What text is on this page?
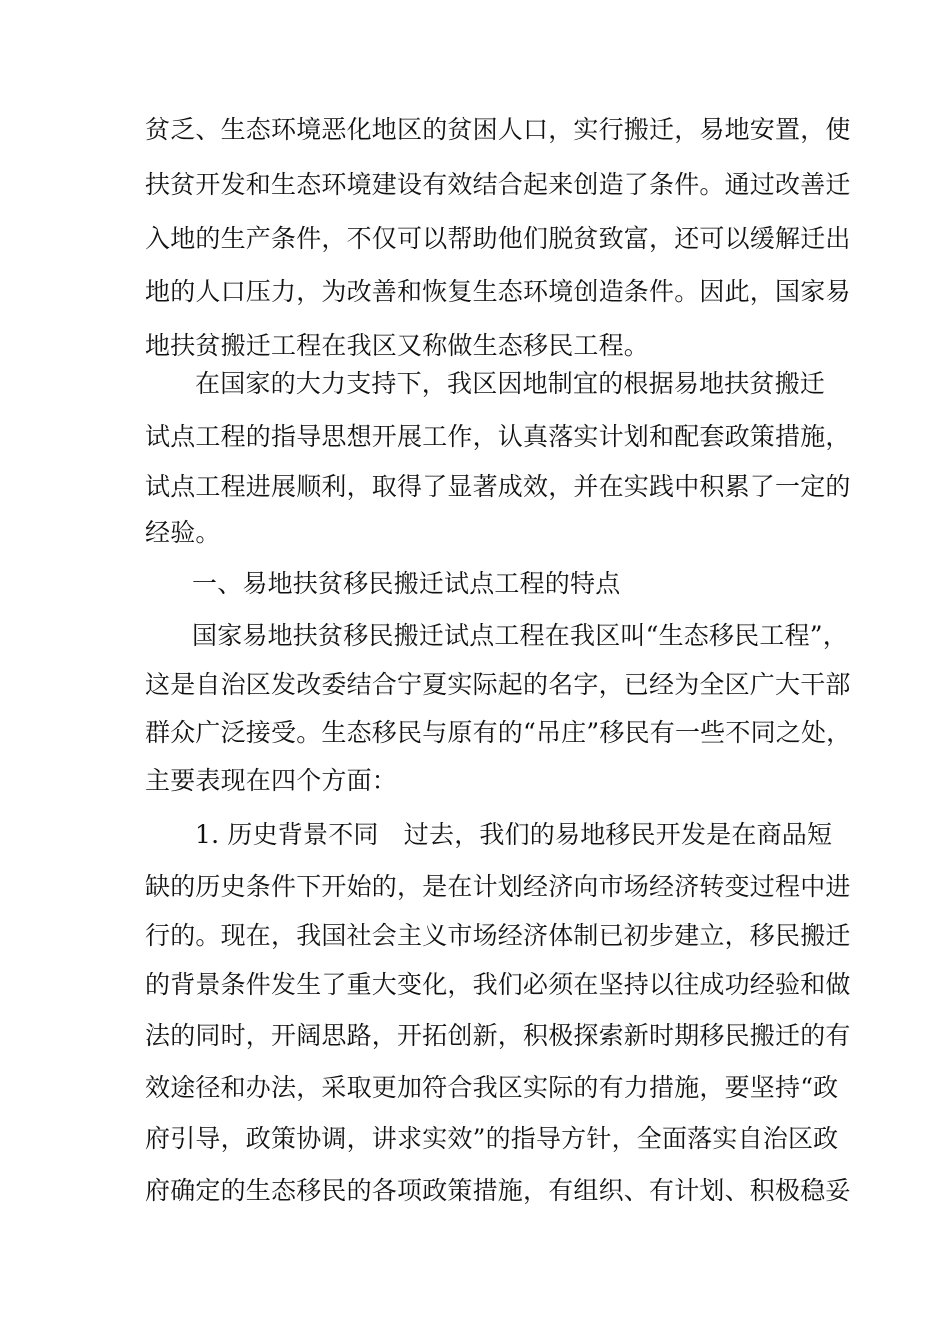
贫乏、生态环境恶化地区的贫困人口，实行搬迁，易地安置，使
扶贫开发和生态环境建设有效结合起来创造了条件。通过改善迁
入地的生产条件，不仅可以帮助他们脱贫致富，还可以缓解迁出
地的人口压力，为改善和恢复生态环境创造条件。因此，国家易
地扶贫搬迁工程在我区又称做生态移民工程。
在国家的大力支持下，我区因地制宜的根据易地扶贫搬迁
试点工程的指导思想开展工作，认真落实计划和配套政策措施，
试点工程进展顺利，取得了显著成效，并在实践中积累了一定的
经验。
一、易地扶贫移民搬迁试点工程的特点
国家易地扶贫移民搬迁试点工程在我区叫“生态移民工程”，
这是自治区发改委结合宁夏实际起的名字，已经为全区广大干部
群众广泛接受。生态移民与原有的“吊庄”移民有一些不同之处，
主要表现在四个方面：
1. 历史背景不同　过去，我们的易地移民开发是在商品短
缺的历史条件下开始的，是在计划经济向市场经济转变过程中进
行的。现在，我国社会主义市场经济体制已初步建立，移民搬迁
的背景条件发生了重大变化，我们必须在坚持以往成功经验和做
法的同时，开阔思路，开拓创新，积极探索新时期移民搬迁的有
效途径和办法，采取更加符合我区实际的有力措施，要坚持“政
府引导，政策协调，讲求实效”的指导方针，全面落实自治区政
府确定的生态移民的各项政策措施，有组织、有计划、积极稳妥
